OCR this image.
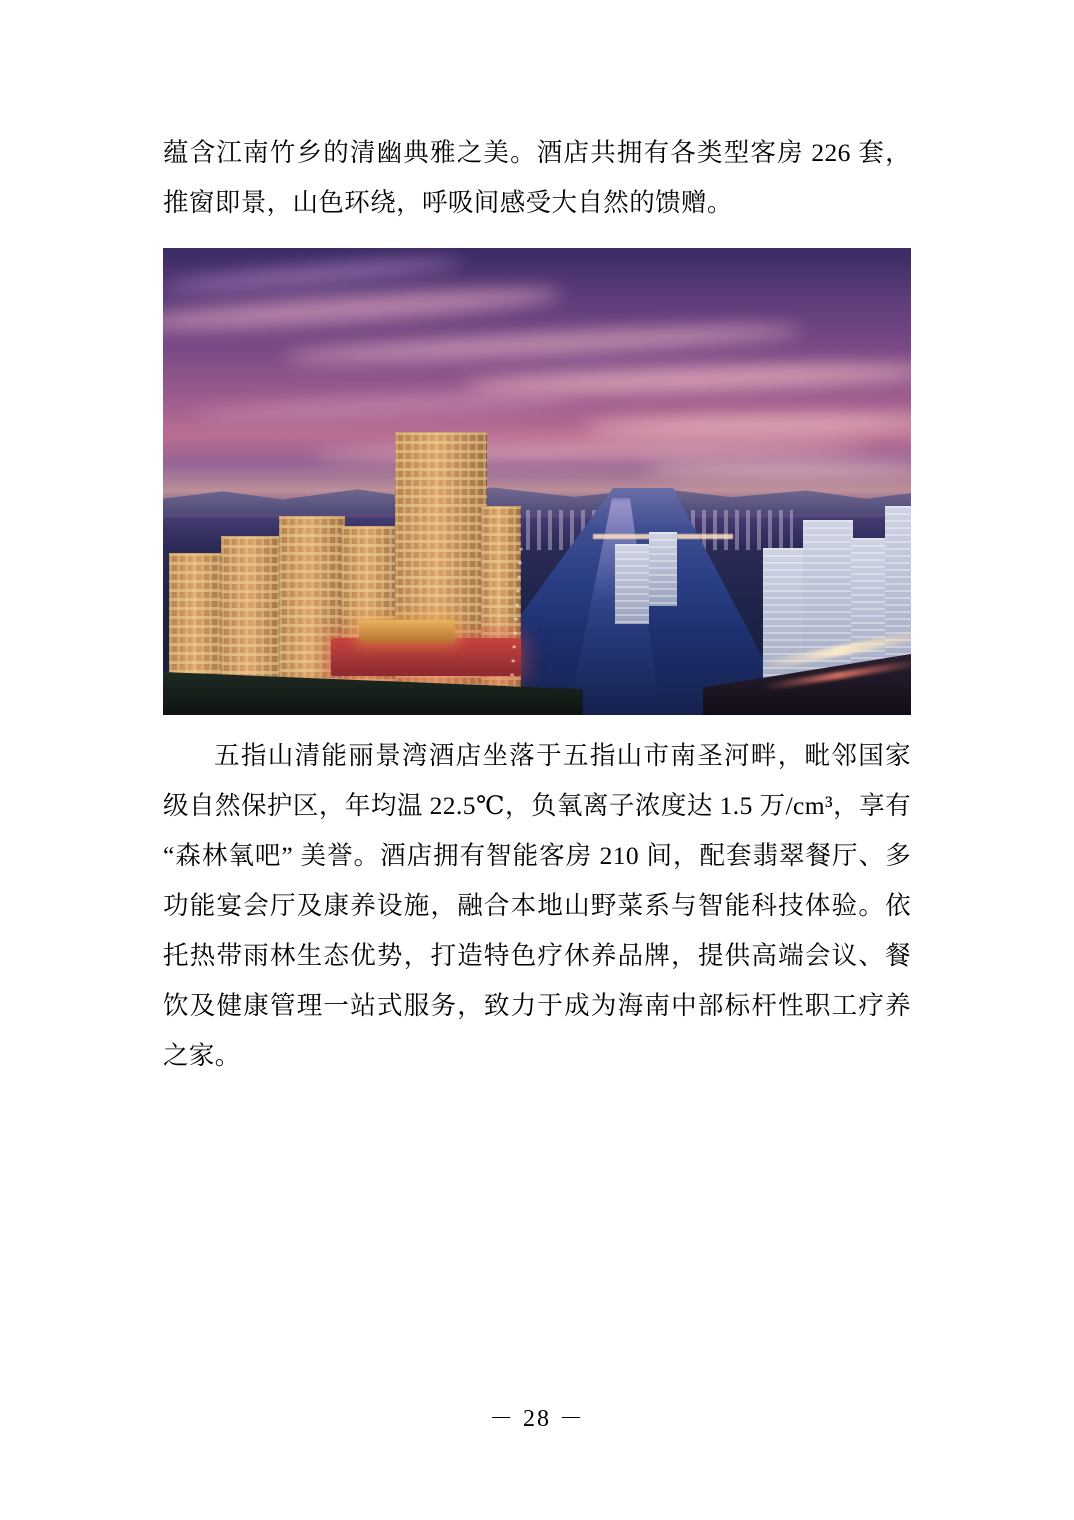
蕴含江南竹乡的清幽典雅之美。酒店共拥有各类型客房 226 套，推窗即景，山色环绕，呼吸间感受大自然的馈赠。

五指山清能丽景湾酒店坐落于五指山市南圣河畔，毗邻国家级自然保护区，年均温 22.5℃，负氧离子浓度达 1.5 万/cm³，享有 “森林氧吧” 美誉。酒店拥有智能客房 210 间，配套翡翠餐厅、多功能宴会厅及康养设施，融合本地山野菜系与智能科技体验。依托热带雨林生态优势，打造特色疗休养品牌，提供高端会议、餐饮及健康管理一站式服务，致力于成为海南中部标杆性职工疗养之家。

－ 28 －
